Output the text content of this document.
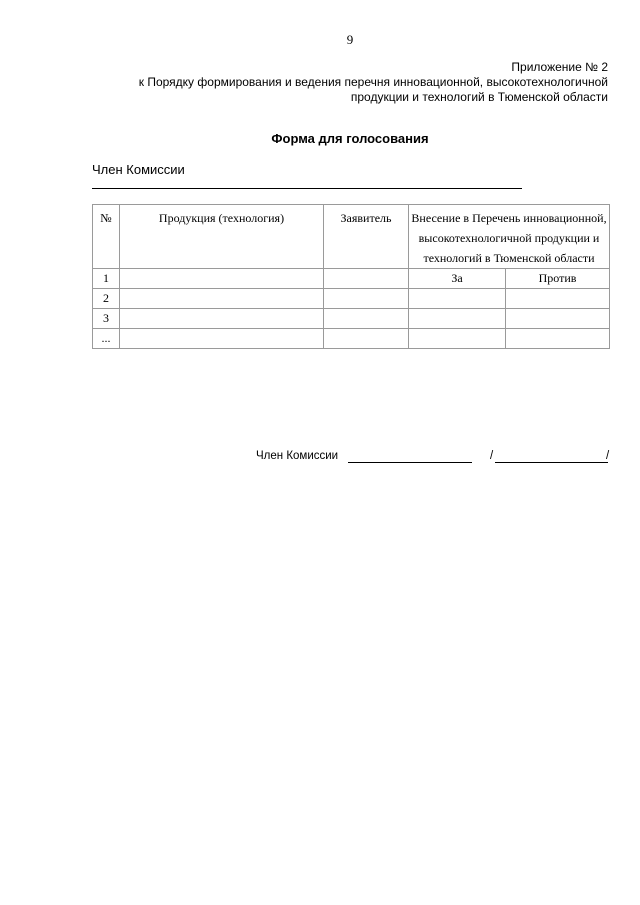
9
Приложение № 2
к Порядку формирования и ведения перечня инновационной, высокотехнологичной
продукции и технологий в Тюменской области
Форма для голосования
Член Комиссии
№	Продукция (технология)	Заявитель	Внесение в Перечень инновационной, высокотехнологичной продукции и технологий в Тюменской области	
1			За	Против
2				
3				
...				
Член Комиссии	/	/
